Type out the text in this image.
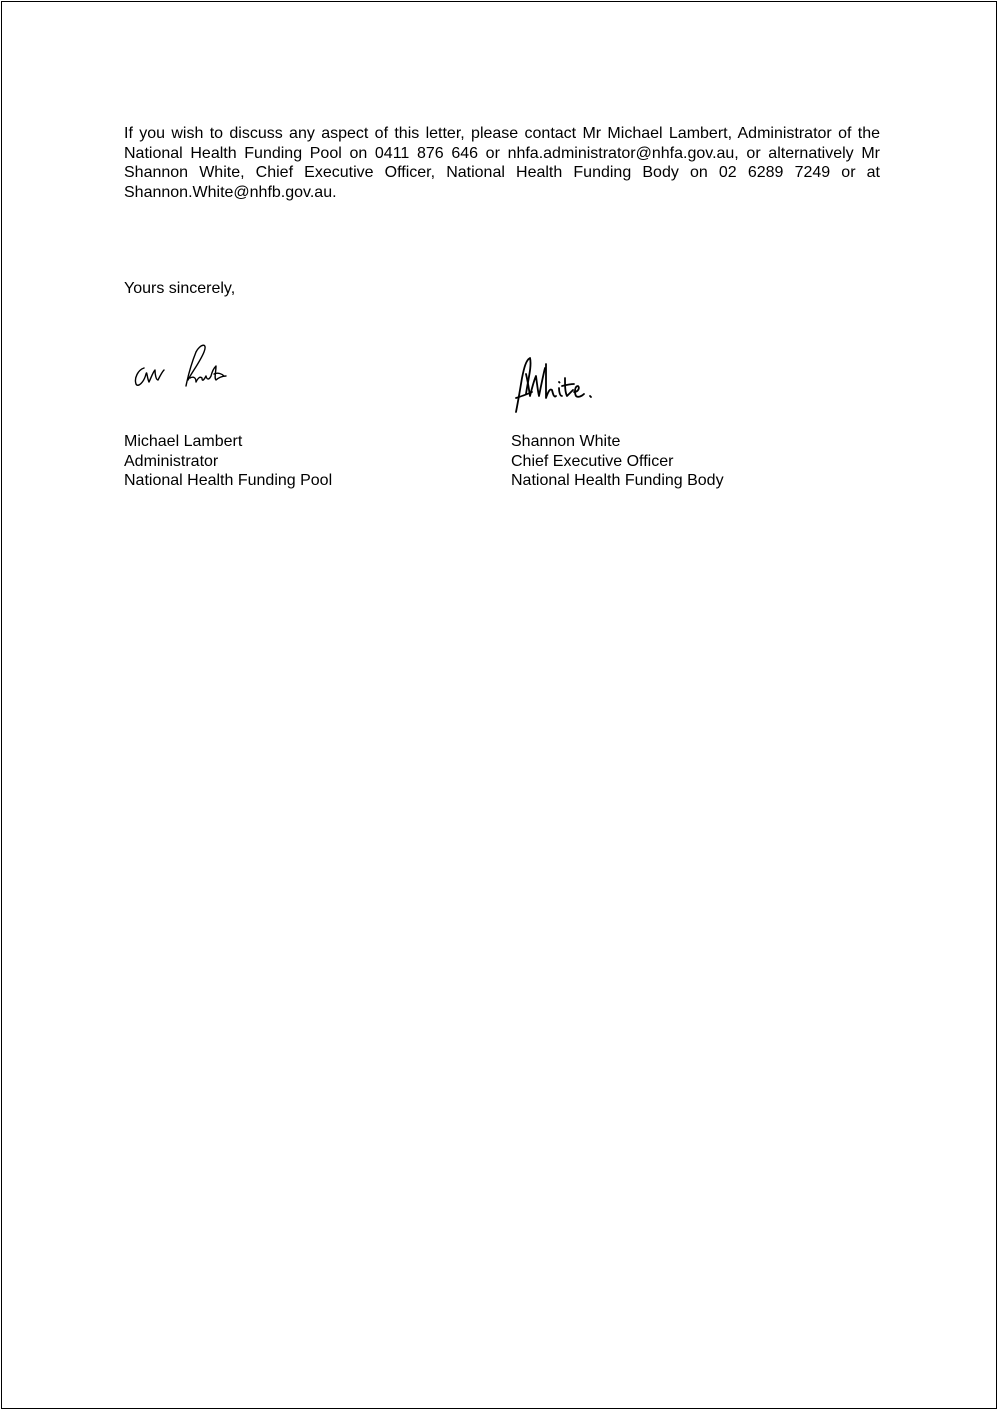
If you wish to discuss any aspect of this letter, please contact Mr Michael Lambert, Administrator of the National Health Funding Pool on 0411 876 646 or nhfa.administrator@nhfa.gov.au, or alternatively Mr Shannon White, Chief Executive Officer, National Health Funding Body on 02 6289 7249 or at Shannon.White@nhfb.gov.au.

Yours sincerely,

Michael Lambert
Administrator
National Health Funding Pool
Shannon White
Chief Executive Officer
National Health Funding Body
